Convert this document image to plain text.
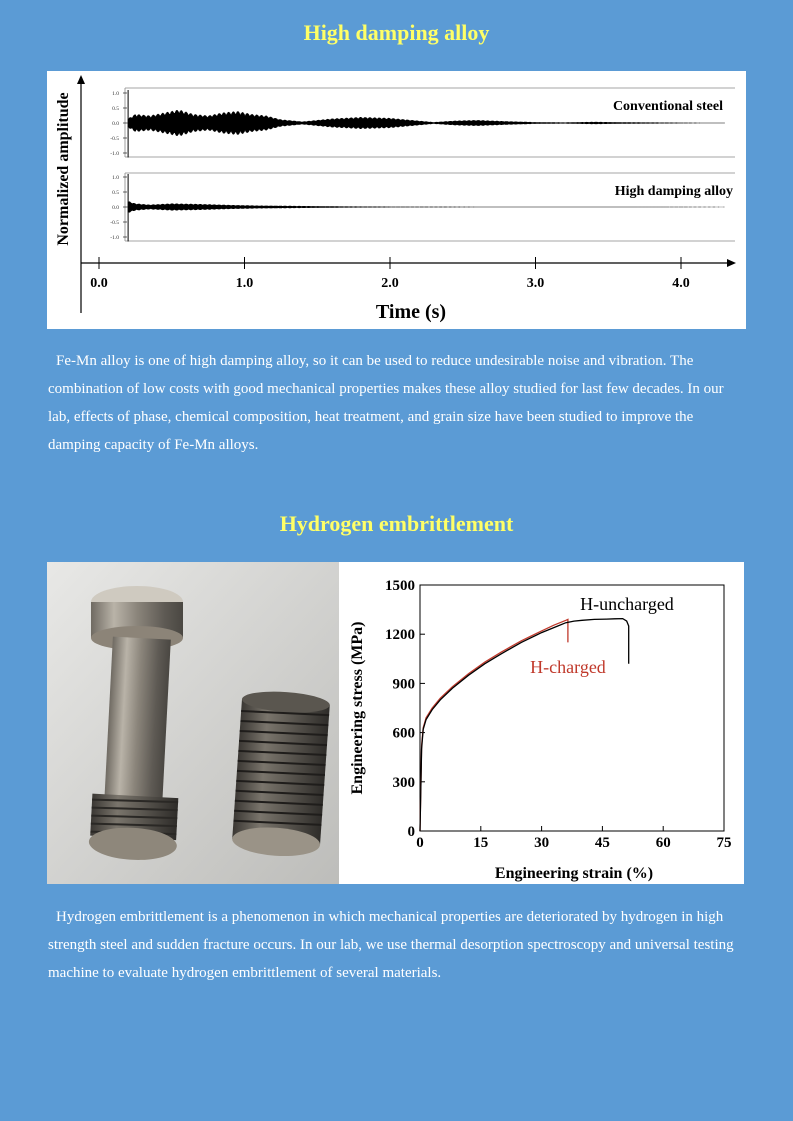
High damping alloy
1.0
0.5
0.0
-0.5
-1.0
1.0
0.5
0.0
-0.5
-1.0
0.0	1.0	2.0	3.0	4.0
Conventional steel
High damping alloy
Normalized amplitude
Time (s)

Fe-Mn alloy is one of high damping alloy, so it can be used to reduce undesirable noise and vibration. The combination of low costs with good mechanical properties makes these alloy studied for last few decades. In our lab, effects of phase, chemical composition, heat treatment, and grain size have been studied to improve the damping capacity of Fe-Mn alloys.

Hydrogen embrittlement
0	15	30	45	60	75
0
300
600
900
1200
1500
H-uncharged
H-charged
Engineering stress (MPa)
Engineering strain (%)

Hydrogen embrittlement is a phenomenon in which mechanical properties are deteriorated by hydrogen in high strength steel and sudden fracture occurs. In our lab, we use thermal desorption spectroscopy and universal testing machine to evaluate hydrogen embrittlement of several materials.
